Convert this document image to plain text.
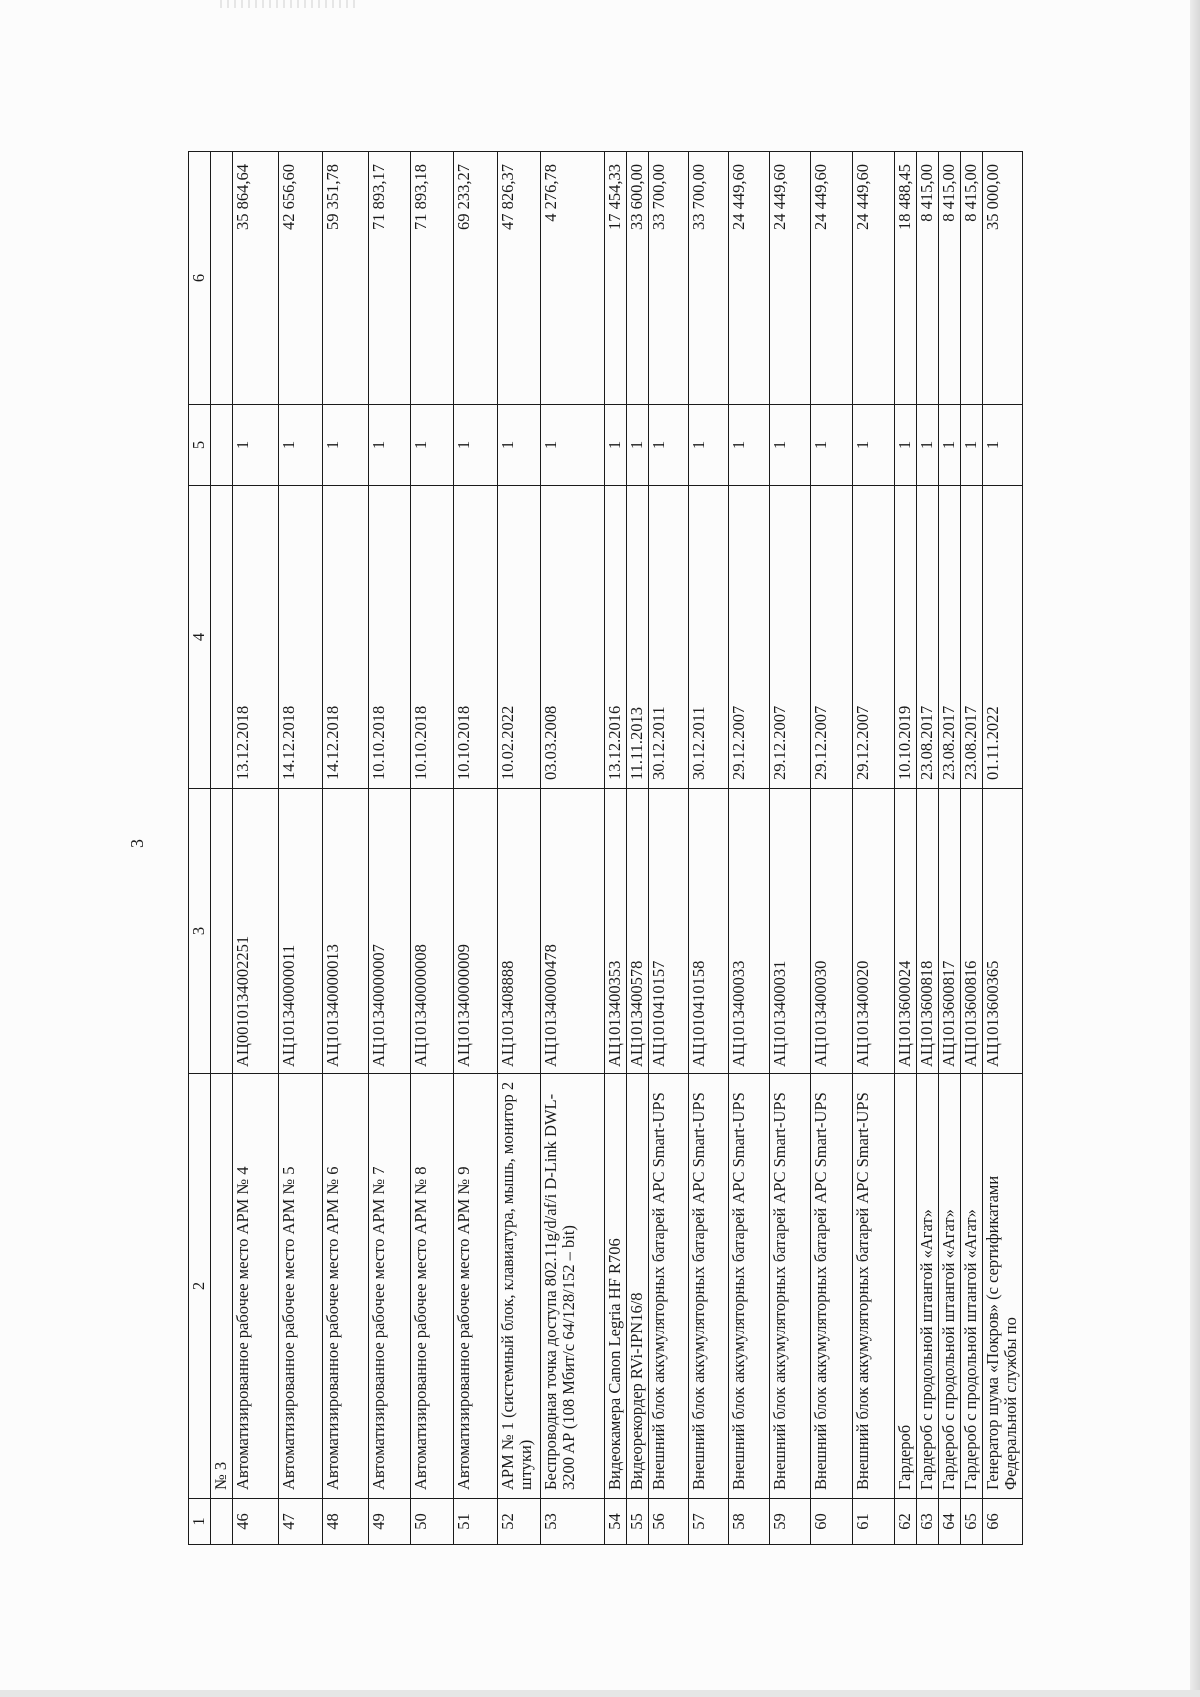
3
1	2	3	4	5	6
	№ 3				
46	Автоматизированное рабочее место АРМ № 4	АЦ0010134002251	13.12.2018	1	35 864,64
47	Автоматизированное рабочее место АРМ № 5	АЦ101340000011	14.12.2018	1	42 656,60
48	Автоматизированное рабочее место АРМ № 6	АЦ101340000013	14.12.2018	1	59 351,78
49	Автоматизированное рабочее место АРМ № 7	АЦ101340000007	10.10.2018	1	71 893,17
50	Автоматизированное рабочее место АРМ № 8	АЦ101340000008	10.10.2018	1	71 893,18
51	Автоматизированное рабочее место АРМ № 9	АЦ101340000009	10.10.2018	1	69 233,27
52	АРМ № 1 (системный блок, клавиатура, мышь, монитор 2 штуки)	АЦ1013408888	10.02.2022	1	47 826,37
53	Беспроводная точка доступа 802.11g/d/af/i D-Link DWL-3200 AP (108 Мбит/с 64/128/152 – bit)	АЦ101340000478	03.03.2008	1	4 276,78
54	Видеокамера Canon Legria HF R706	АЦ1013400353	13.12.2016	1	17 454,33
55	Видеорекордер RVi-IPN16/8	АЦ1013400578	11.11.2013	1	33 600,00
56	Внешний блок аккумуляторных батарей APC Smart-UPS	АЦ1010410157	30.12.2011	1	33 700,00
57	Внешний блок аккумуляторных батарей APC Smart-UPS	АЦ1010410158	30.12.2011	1	33 700,00
58	Внешний блок аккумуляторных батарей APC Smart-UPS	АЦ1013400033	29.12.2007	1	24 449,60
59	Внешний блок аккумуляторных батарей APC Smart-UPS	АЦ1013400031	29.12.2007	1	24 449,60
60	Внешний блок аккумуляторных батарей APC Smart-UPS	АЦ1013400030	29.12.2007	1	24 449,60
61	Внешний блок аккумуляторных батарей APC Smart-UPS	АЦ1013400020	29.12.2007	1	24 449,60
62	Гардероб	АЦ1013600024	10.10.2019	1	18 488,45
63	Гардероб с продольной штангой «Агат»	АЦ1013600818	23.08.2017	1	8 415,00
64	Гардероб с продольной штангой «Агат»	АЦ1013600817	23.08.2017	1	8 415,00
65	Гардероб с продольной штангой «Агат»	АЦ1013600816	23.08.2017	1	8 415,00
66	Генератор шума «Покров» (с сертификатами Федеральной службы по	АЦ1013600365	01.11.2022	1	35 000,00
